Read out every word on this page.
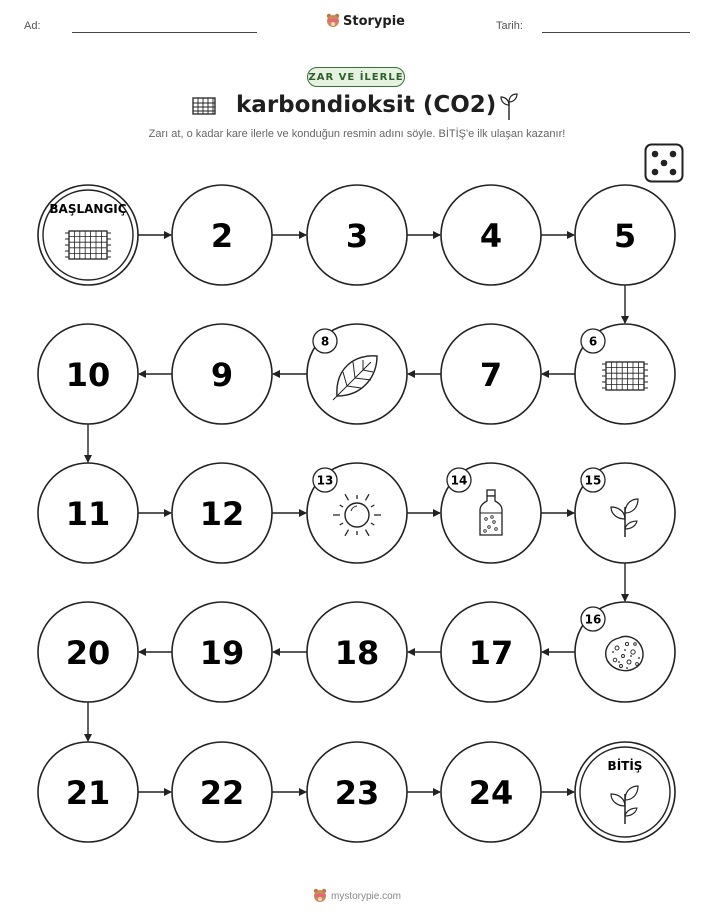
Ad:	Storypie	Tarih:
ZAR VE İLERLE
karbondioksit (CO2)
Zarı at, o kadar kare ilerle ve konduğun resmin adını söyle. BİTİŞ'e ilk ulaşan kazanır!
BAŞLANGIÇ
2	3	4	5
6
7
8
9
10
11	12
13	14	15
16
17
18
19
20
21	22	23	24
BİTİŞ
mystorypie.com
